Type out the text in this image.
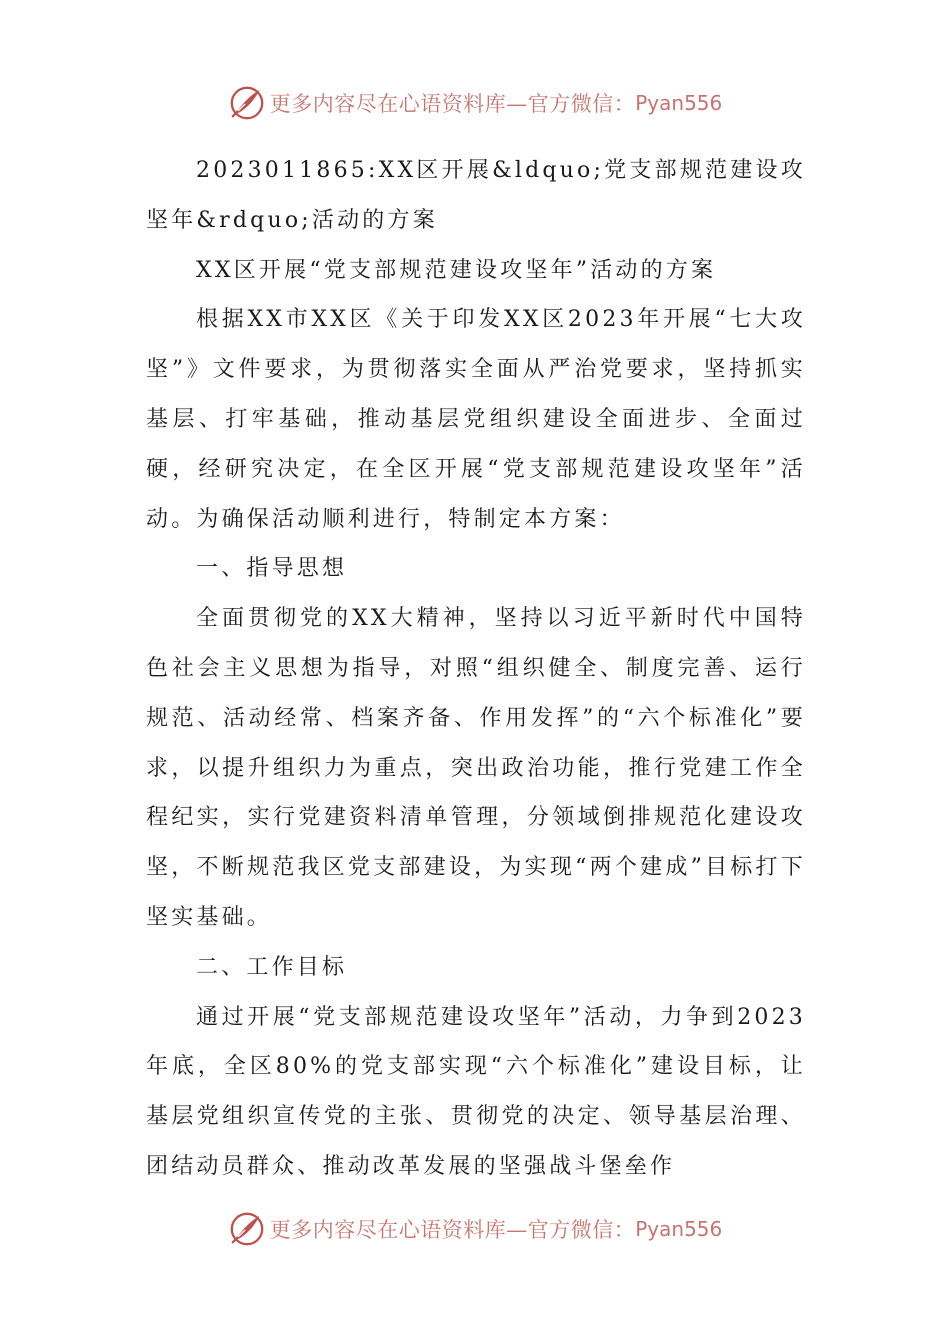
更多内容尽在心语资料库—官方微信： Pyan556

2023011865:XX区开展&ldquo;党支部规范建设攻坚年&rdquo;活动的方案

XX区开展“党支部规范建设攻坚年”活动的方案

根据XX市XX区《关于印发XX区2023年开展“七大攻坚”》文件要求，为贯彻落实全面从严治党要求，坚持抓实基层、打牢基础，推动基层党组织建设全面进步、全面过硬，经研究决定，在全区开展“党支部规范建设攻坚年”活动。为确保活动顺利进行，特制定本方案：

一、指导思想

全面贯彻党的XX大精神，坚持以习近平新时代中国特色社会主义思想为指导，对照“组织健全、制度完善、运行规范、活动经常、档案齐备、作用发挥”的“六个标准化”要求，以提升组织力为重点，突出政治功能，推行党建工作全程纪实，实行党建资料清单管理，分领域倒排规范化建设攻坚，不断规范我区党支部建设，为实现“两个建成”目标打下坚实基础。

二、工作目标

通过开展“党支部规范建设攻坚年”活动，力争到2023年底，全区80%的党支部实现“六个标准化”建设目标，让基层党组织宣传党的主张、贯彻党的决定、领导基层治理、团结动员群众、推动改革发展的坚强战斗堡垒作

更多内容尽在心语资料库—官方微信： Pyan556
